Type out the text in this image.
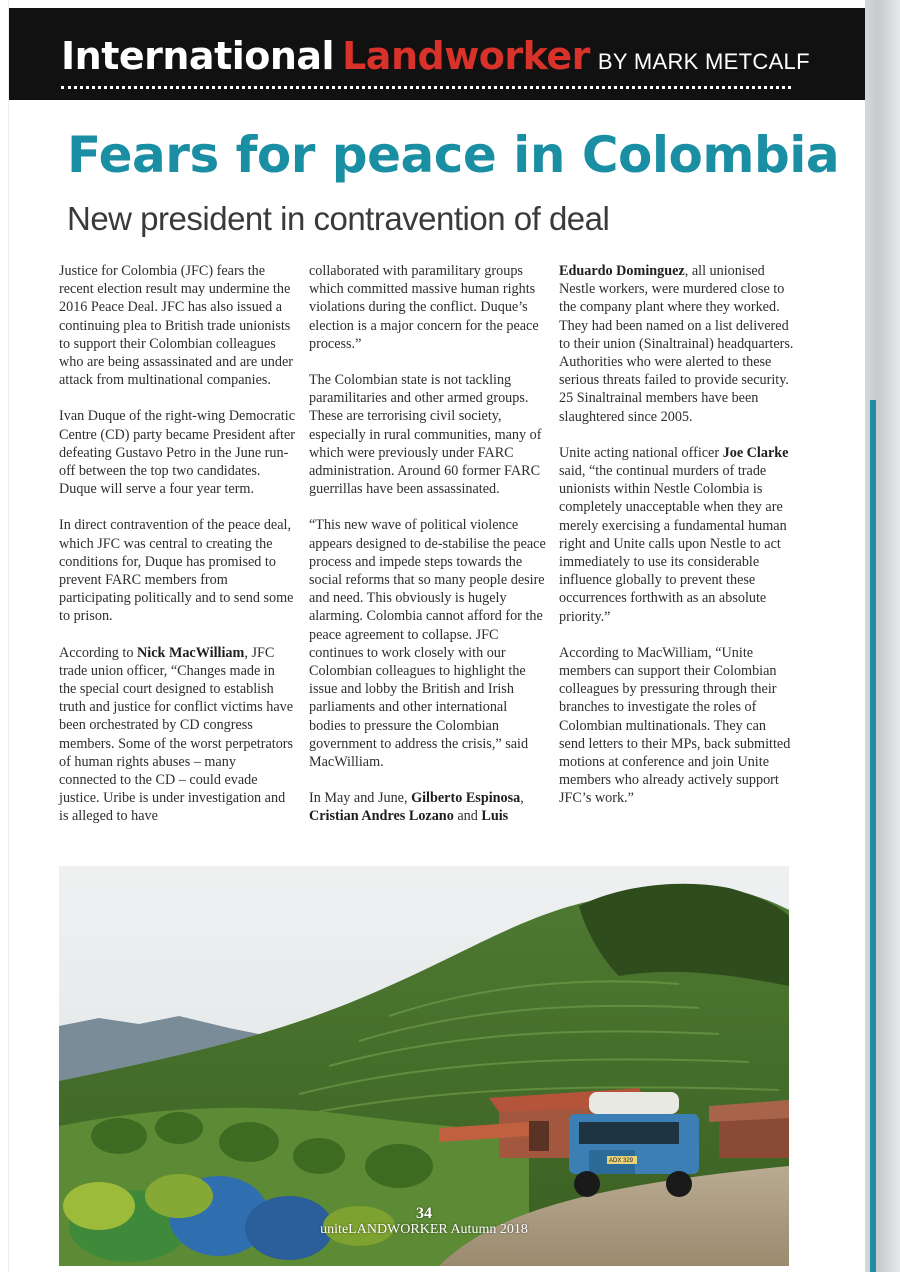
International Landworker BY MARK METCALF
Fears for peace in Colombia
New president in contravention of deal

Justice for Colombia (JFC) fears the recent election result may undermine the 2016 Peace Deal. JFC has also issued a continuing plea to British trade unionists to support their Colombian colleagues who are being assassinated and are under attack from multinational companies.

Ivan Duque of the right-wing Democratic Centre (CD) party became President after defeating Gustavo Petro in the June run-off between the top two candidates. Duque will serve a four year term.

In direct contravention of the peace deal, which JFC was central to creating the conditions for, Duque has promised to prevent FARC members from participating politically and to send some to prison.

According to Nick MacWilliam, JFC trade union officer, “Changes made in the special court designed to establish truth and justice for conflict victims have been orchestrated by CD congress members. Some of the worst perpetrators of human rights abuses – many connected to the CD – could evade justice. Uribe is under investigation and is alleged to have

collaborated with paramilitary groups which committed massive human rights violations during the conflict. Duque’s election is a major concern for the peace process.”

The Colombian state is not tackling paramilitaries and other armed groups. These are terrorising civil society, especially in rural communities, many of which were previously under FARC administration. Around 60 former FARC guerrillas have been assassinated.

“This new wave of political violence appears designed to de-stabilise the peace process and impede steps towards the social reforms that so many people desire and need. This obviously is hugely alarming. Colombia cannot afford for the peace agreement to collapse. JFC continues to work closely with our Colombian colleagues to highlight the issue and lobby the British and Irish parliaments and other international bodies to pressure the Colombian government to address the crisis,” said MacWilliam.

In May and June, Gilberto Espinosa, Cristian Andres Lozano and Luis

Eduardo Dominguez, all unionised Nestle workers, were murdered close to the company plant where they worked. They had been named on a list delivered to their union (Sinaltrainal) headquarters. Authorities who were alerted to these serious threats failed to provide security. 25 Sinaltrainal members have been slaughtered since 2005.

Unite acting national officer Joe Clarke said, “the continual murders of trade unionists within Nestle Colombia is completely unacceptable when they are merely exercising a fundamental human right and Unite calls upon Nestle to act immediately to use its considerable influence globally to prevent these occurrences forthwith as an absolute priority.”

According to MacWilliam, “Unite members can support their Colombian colleagues by pressuring through their branches to investigate the roles of Colombian multinationals. They can send letters to their MPs, back submitted motions at conference and join Unite members who already actively support JFC’s work.”

ADX 329
34
uniteLANDWORKER Autumn 2018
